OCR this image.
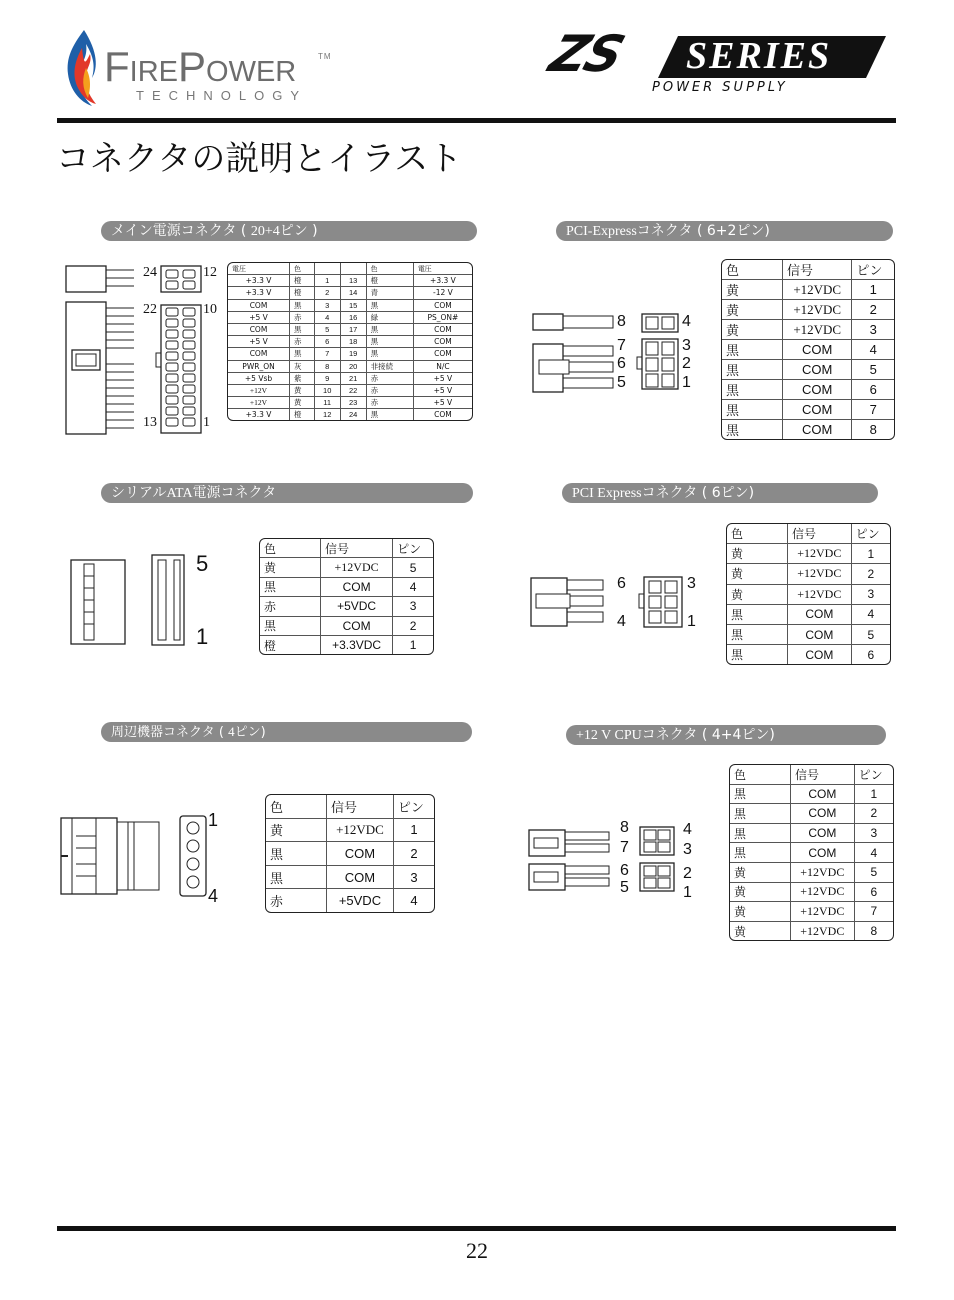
FirePower	TM
TECHNOLOGY
ZS SERIES
POWER SUPPLY
コネクタの説明とイラスト
メイン電源コネクタ ( 20+4ピン )
24	12
22	10
13	1
電圧	色			色	電圧
+3.3 V	橙	1	13	橙	+3.3 V
+3.3 V	橙	2	14	青	-12 V
COM	黒	3	15	黒	COM
+5 V	赤	4	16	緑	PS_ON#
COM	黒	5	17	黒	COM
+5 V	赤	6	18	黒	COM
COM	黒	7	19	黒	COM
PWR_ON	灰	8	20	非接続	N/C
+5 Vsb	紫	9	21	赤	+5 V
+12V	黄	10	22	赤	+5 V
+12V	黄	11	23	赤	+5 V
+3.3 V	橙	12	24	黒	COM
PCI-Expressコネクタ ( 6+2ピン)
8	4
7	3
6	2
5	1
色	信号	ピン
黄	+12VDC	1
黄	+12VDC	2
黄	+12VDC	3
黒	COM	4
黒	COM	5
黒	COM	6
黒	COM	7
黒	COM	8
シリアルATA電源コネクタ
5
1
色	信号	ピン
黄	+12VDC	5
黒	COM	4
赤	+5VDC	3
黒	COM	2
橙	+3.3VDC	1
PCI Expressコネクタ ( 6ピン)
6	3
4	1
色	信号	ピン
黄	+12VDC	1
黄	+12VDC	2
黄	+12VDC	3
黒	COM	4
黒	COM	5
黒	COM	6
周辺機器コネクタ ( 4ピン)
1
4
色	信号	ピン
黄	+12VDC	1
黒	COM	2
黒	COM	3
赤	+5VDC	4
+12 V CPUコネクタ ( 4+4ピン)
8	4
7	3
6	2
5	1
色	信号	ピン
黒	COM	1
黒	COM	2
黒	COM	3
黒	COM	4
黄	+12VDC	5
黄	+12VDC	6
黄	+12VDC	7
黄	+12VDC	8
22
